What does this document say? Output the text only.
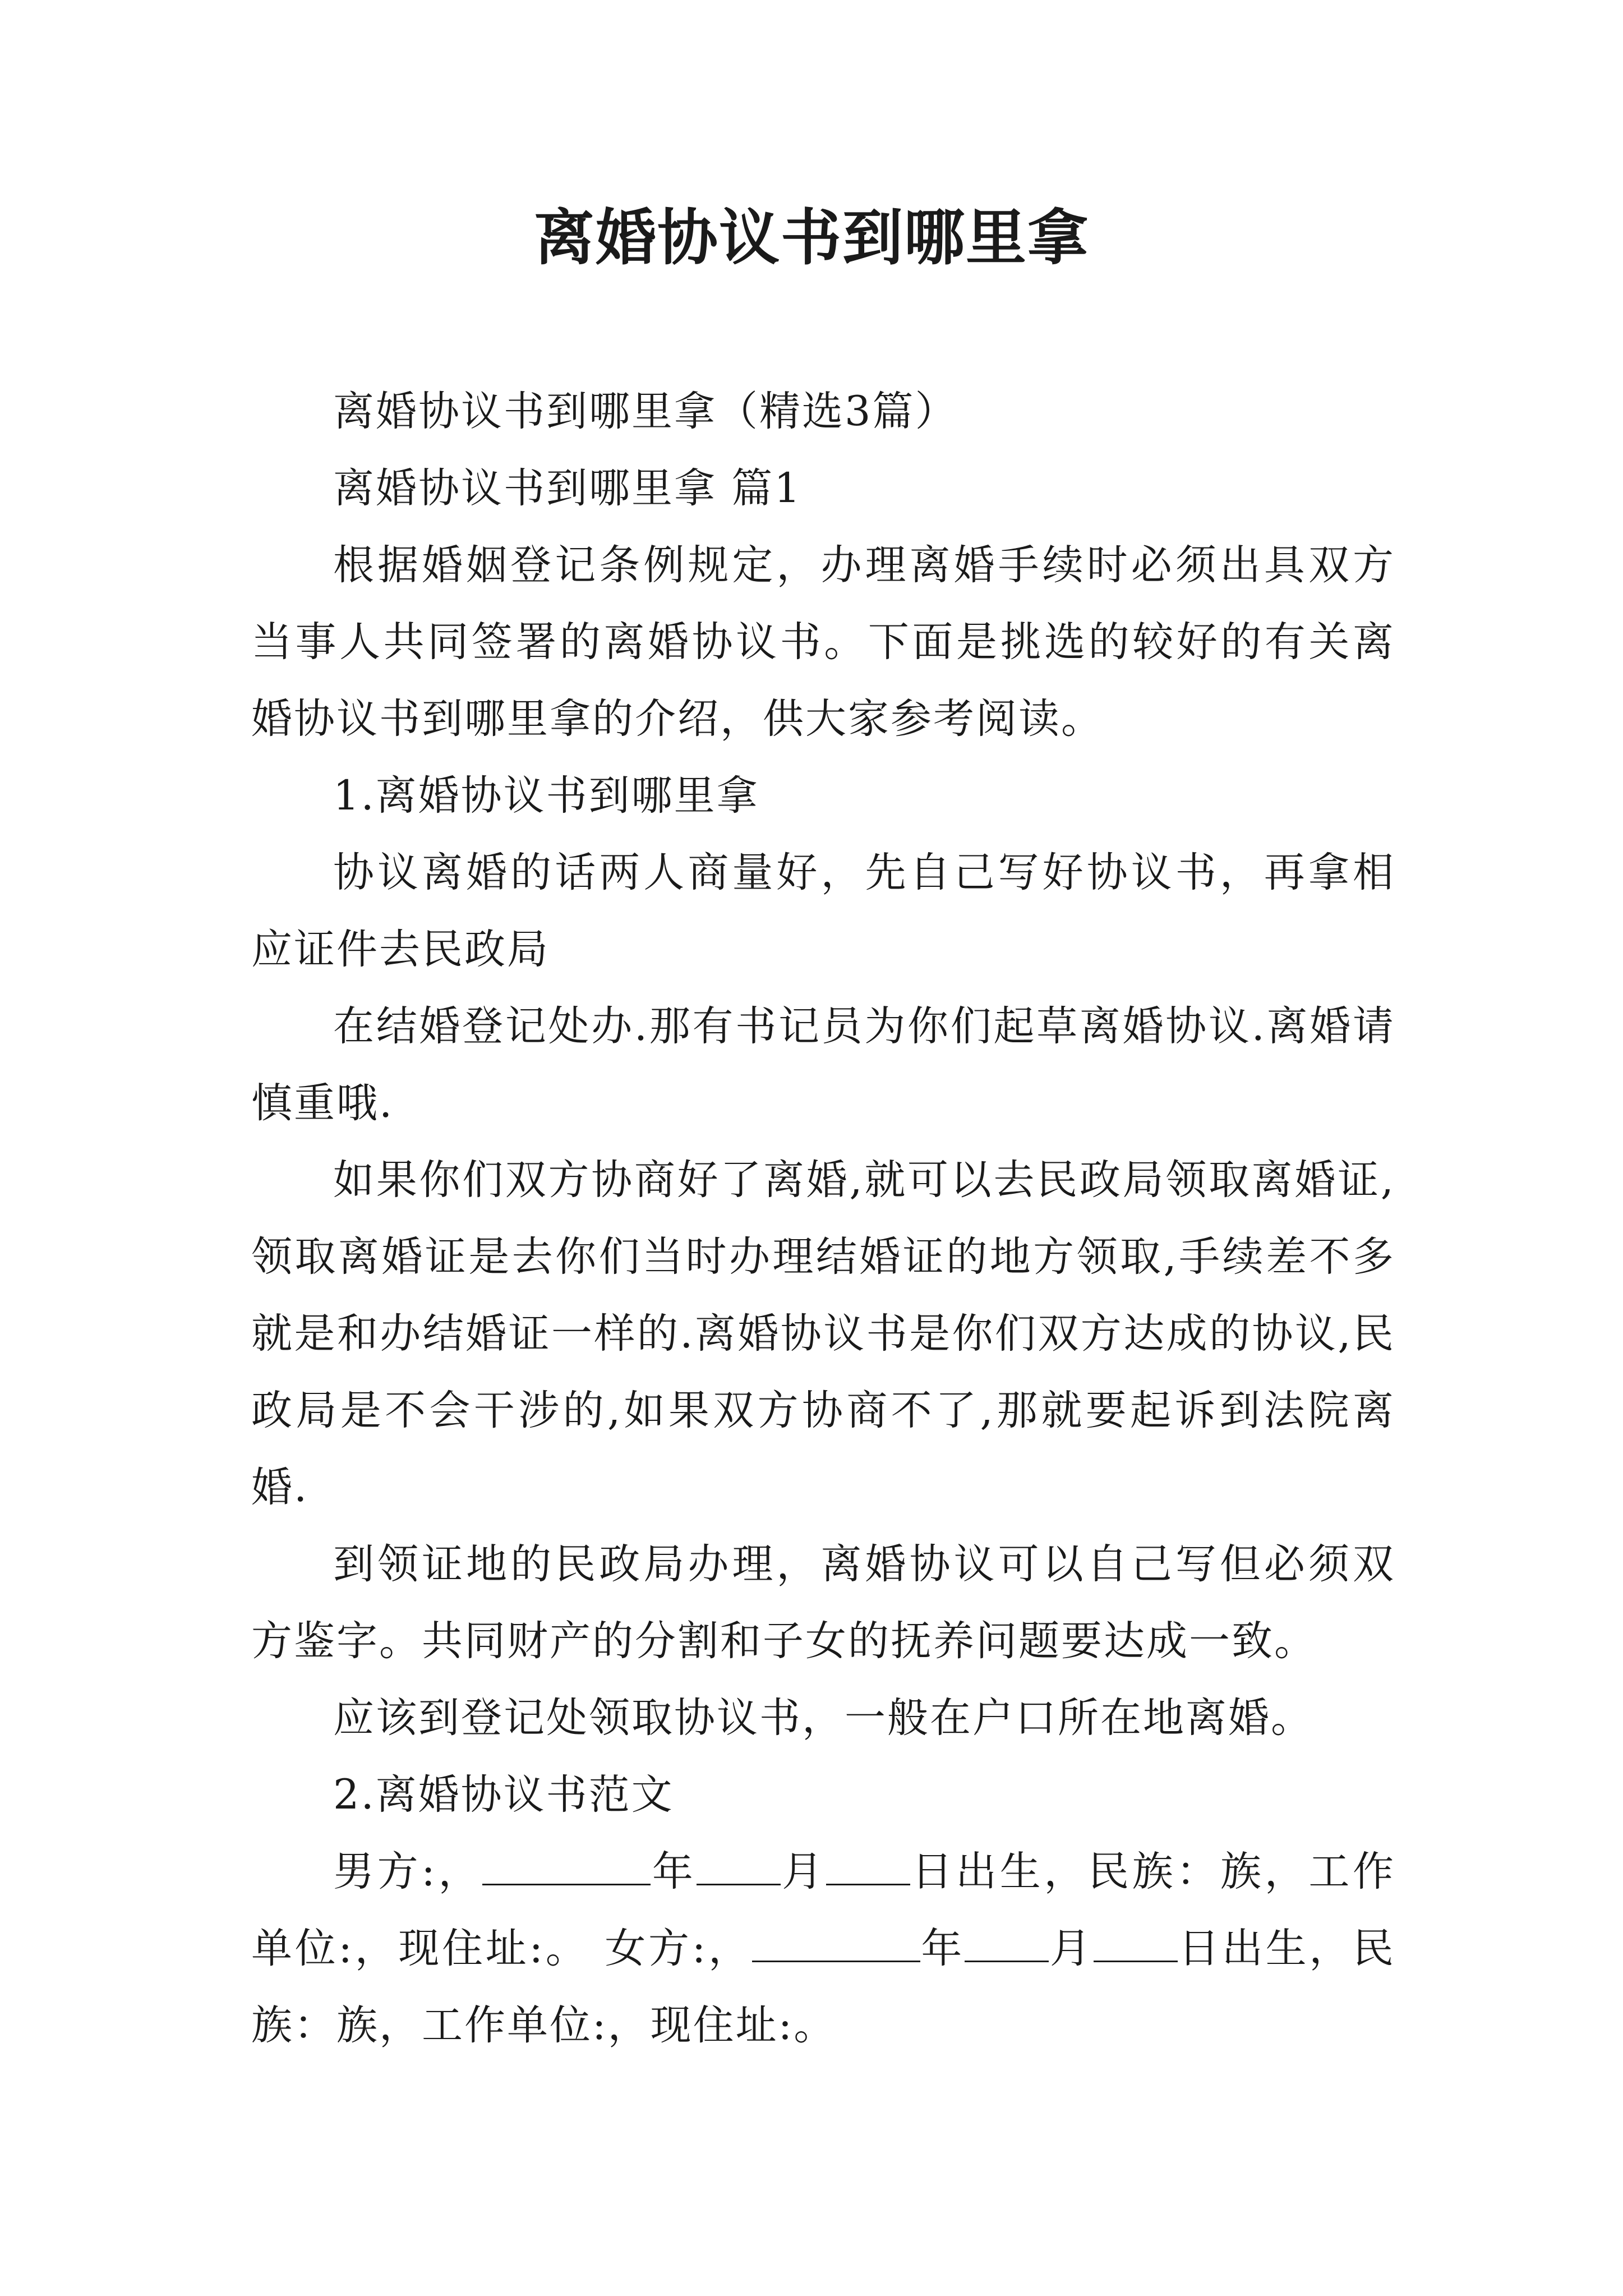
离婚协议书到哪里拿

离婚协议书到哪里拿（精选3篇）

离婚协议书到哪里拿 篇1

根据婚姻登记条例规定，办理离婚手续时必须出具双方当事人共同签署的离婚协议书。下面是挑选的较好的有关离婚协议书到哪里拿的介绍，供大家参考阅读。

1.离婚协议书到哪里拿

协议离婚的话两人商量好，先自己写好协议书，再拿相应证件去民政局

在结婚登记处办.那有书记员为你们起草离婚协议.离婚请慎重哦.

如果你们双方协商好了离婚,就可以去民政局领取离婚证,领取离婚证是去你们当时办理结婚证的地方领取,手续差不多就是和办结婚证一样的.离婚协议书是你们双方达成的协议,民政局是不会干涉的,如果双方协商不了,那就要起诉到法院离婚.

到领证地的民政局办理，离婚协议可以自己写但必须双方鉴字。共同财产的分割和子女的抚养问题要达成一致。

应该到登记处领取协议书，一般在户口所在地离婚。

2.离婚协议书范文

男方:，	年 月 日出生，民族：族，工作单位:，现住址:。 女方:，	年 月 日出生，民族：族，工作单位:，现住址:。
